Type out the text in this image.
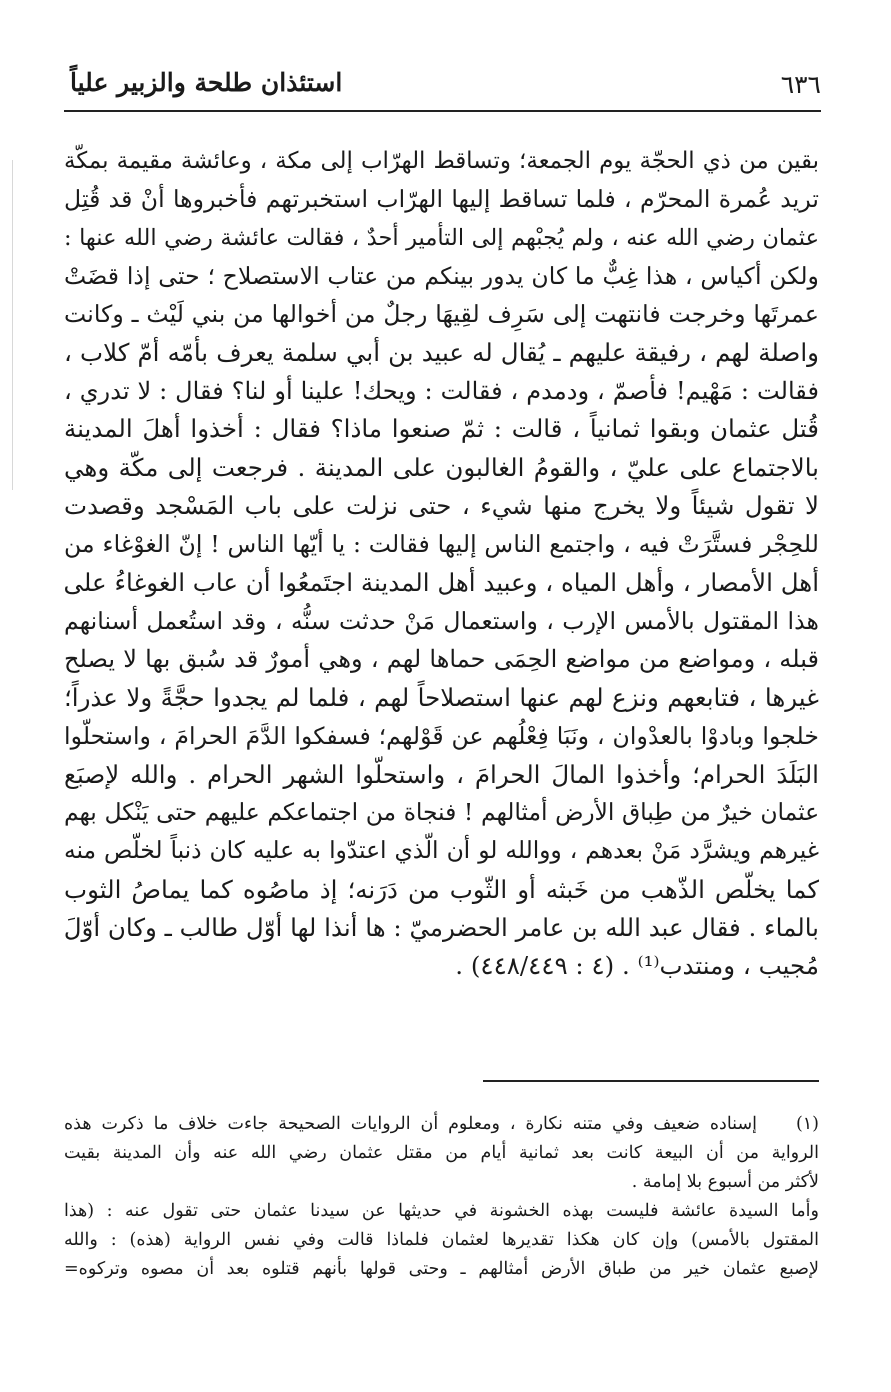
٦٣٦
استئذان طلحة والزبير علياً
بقين من ذي الحجّة يوم الجمعة؛ وتساقط الهرّاب إلى مكة ، وعائشة مقيمة بمكّة
تريد عُمرة المحرّم ، فلما تساقط إليها الهرّاب استخبرتهم فأخبروها أنْ قد قُتِل
عثمان رضي الله عنه ، ولم يُجبْهم إلى التأمير أحدٌ ، فقالت عائشة رضي الله عنها :
ولكن أكياس ، هذا غِبٌّ ما كان يدور بينكم من عتاب الاستصلاح ؛ حتى إذا قضَتْ
عمرتَها وخرجت فانتهت إلى سَرِف لقِيهَا رجلٌ من أخوالها من بني لَيْث ـ وكانت
واصلة لهم ، رفيقة عليهم ـ يُقال له عبيد بن أبي سلمة يعرف بأمّه أمّ كلاب ،
فقالت : مَهْيم! فأصمّ ، ودمدم ، فقالت : ويحك! علينا أو لنا؟ فقال : لا تدري ،
قُتل عثمان وبقوا ثمانياً ، قالت : ثمّ صنعوا ماذا؟ فقال : أخذوا أهلَ المدينة
بالاجتماع على عليّ ، والقومُ الغالبون على المدينة . فرجعت إلى مكّة وهي
لا تقول شيئاً ولا يخرج منها شيء ، حتى نزلت على باب المَسْجد وقصدت
للحِجْر فستَّرَتْ فيه ، واجتمع الناس إليها فقالت : يا أيّها الناس ! إنّ الغوْغاء من
أهل الأمصار ، وأهل المياه ، وعبيد أهل المدينة اجتَمعُوا أن عاب الغوغاءُ على
هذا المقتول بالأمس الإرب ، واستعمال مَنْ حدثت سنُّه ، وقد استُعمل أسنانهم
قبله ، ومواضع من مواضع الحِمَى حماها لهم ، وهي أمورٌ قد سُبق بها لا يصلح
غيرها ، فتابعهم ونزع لهم عنها استصلاحاً لهم ، فلما لم يجدوا حجَّةً ولا عذراً؛
خلجوا وبادوْا بالعدْوان ، ونَبَا فِعْلُهم عن قَوْلهم؛ فسفكوا الدَّمَ الحرامَ ، واستحلّوا
البَلَدَ الحرام؛ وأخذوا المالَ الحرامَ ، واستحلّوا الشهر الحرام . والله لإصبَع
عثمان خيرٌ من طِباق الأرض أمثالهم ! فنجاة من اجتماعكم عليهم حتى يَنْكل بهم
غيرهم ويشرَّد مَنْ بعدهم ، ووالله لو أن الّذي اعتدّوا به عليه كان ذنباً لخلّص منه
كما يخلّص الذّهب من خَبثه أو الثّوب من دَرَنه؛ إذ ماصُوه كما يماصُ الثوب
بالماء . فقال عبد الله بن عامر الحضرميّ : ها أنذا لها أوّل طالب ـ وكان أوّلَ
مُجيب ، ومنتدب⁽¹⁾ . (٤ : ٤٤٨/٤٤٩) .
(١)
إسناده ضعيف وفي متنه نكارة ، ومعلوم أن الروايات الصحيحة جاءت خلاف ما ذكرت هذه
الرواية من أن البيعة كانت بعد ثمانية أيام من مقتل عثمان رضي الله عنه وأن المدينة بقيت
لأكثر من أسبوع بلا إمامة .
وأما السيدة عائشة فليست بهذه الخشونة في حديثها عن سيدنا عثمان حتى تقول عنه : (هذا
المقتول بالأمس) وإن كان هكذا تقديرها لعثمان فلماذا قالت وفي نفس الرواية (هذه) : والله
لإصبع عثمان خير من طباق الأرض أمثالهم ـ وحتى قولها بأنهم قتلوه بعد أن مصوه وتركوه=
